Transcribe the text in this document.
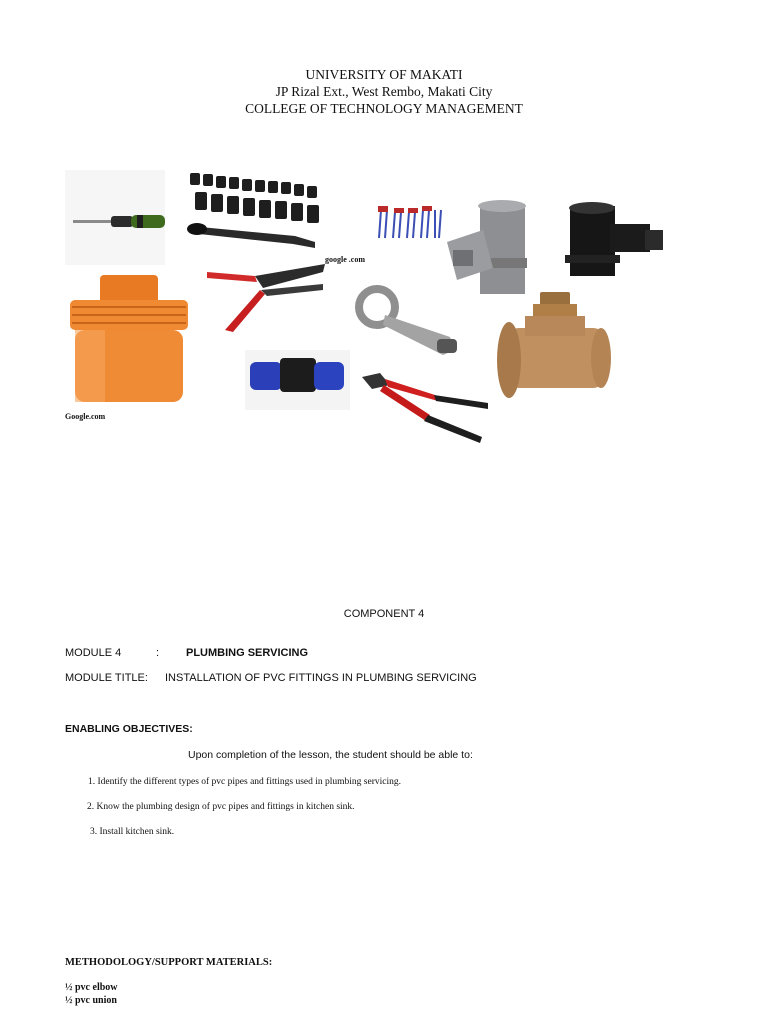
UNIVERSITY OF MAKATI
JP Rizal Ext., West Rembo, Makati City
COLLEGE OF TECHNOLOGY MANAGEMENT
google .com
Google.com
COMPONENT 4
MODULE 4	: PLUMBING SERVICING
MODULE TITLE: INSTALLATION OF PVC FITTINGS IN PLUMBING SERVICING
ENABLING OBJECTIVES:
Upon completion of the lesson, the student should be able to:
1. Identify the different types of pvc pipes and fittings used in plumbing servicing.
2. Know the plumbing design of pvc pipes and fittings in kitchen sink.
3. Install kitchen sink.
METHODOLOGY/SUPPORT MATERIALS:
½ pvc elbow
½ pvc union
